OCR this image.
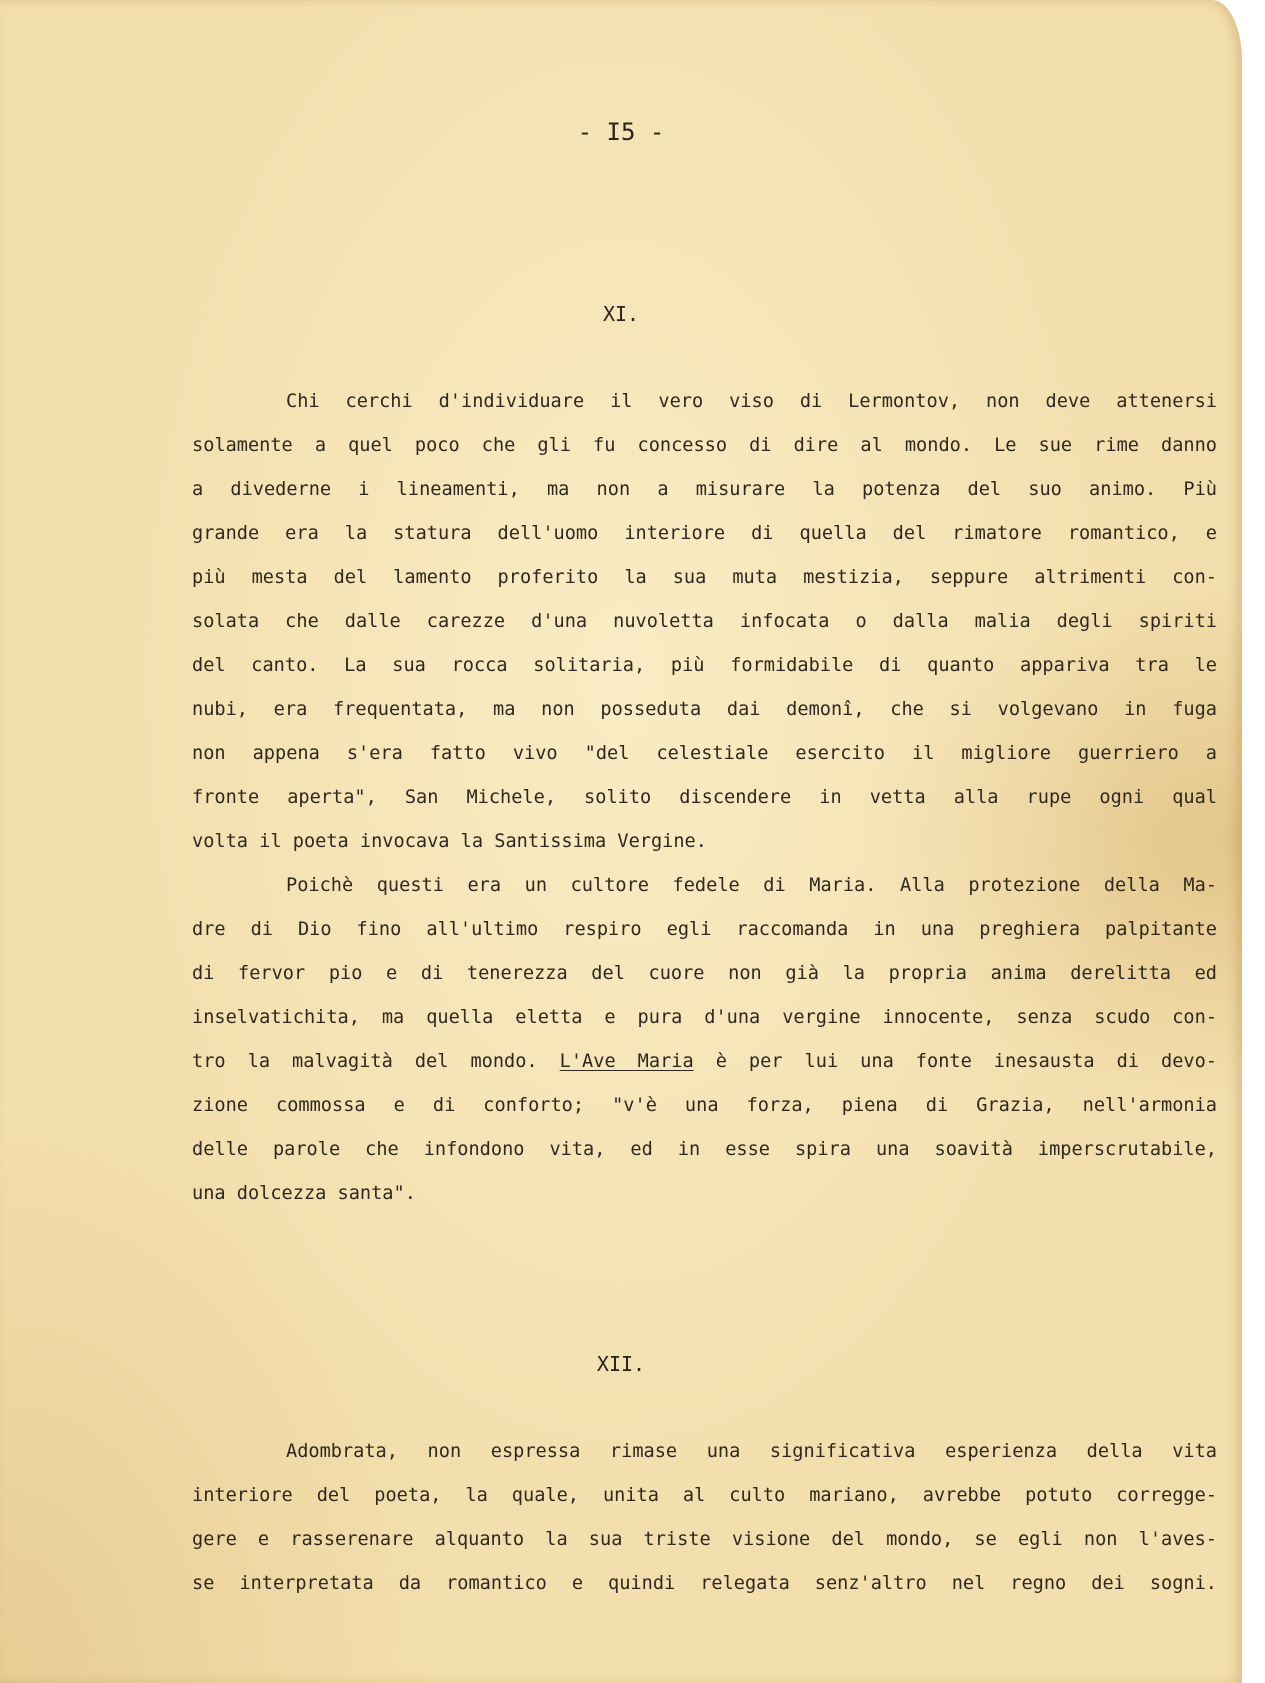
- I5 -
XI.
Chi cerchi d'individuare il vero viso di Lermontov, non deve attenersi
solamente a quel poco che gli fu concesso di dire al mondo. Le sue rime danno
a divederne i lineamenti, ma non a misurare la potenza del suo animo. Più
grande era la statura dell'uomo interiore di quella del rimatore romantico, e
più mesta del lamento proferito la sua muta mestizia, seppure altrimenti con-
solata che dalle carezze d'una nuvoletta infocata o dalla malia degli spiriti
del canto. La sua rocca solitaria, più formidabile di quanto appariva tra le
nubi, era frequentata, ma non posseduta dai demonî, che si volgevano in fuga
non appena s'era fatto vivo "del celestiale esercito il migliore guerriero a
fronte aperta", San Michele, solito discendere in vetta alla rupe ogni qual
volta il poeta invocava la Santissima Vergine.
Poichè questi era un cultore fedele di Maria. Alla protezione della Ma-
dre di Dio fino all'ultimo respiro egli raccomanda in una preghiera palpitante
di fervor pio e di tenerezza del cuore non già la propria anima derelitta ed
inselvatichita, ma quella eletta e pura d'una vergine innocente, senza scudo con-
tro la malvagità del mondo. L'Ave Maria è per lui una fonte inesausta di devo-
zione commossa e di conforto; "v'è una forza, piena di Grazia, nell'armonia
delle parole che infondono vita, ed in esse spira una soavità imperscrutabile,
una dolcezza santa".
XII.
Adombrata, non espressa rimase una significativa esperienza della vita
interiore del poeta, la quale, unita al culto mariano, avrebbe potuto corregge-
gere e rasserenare alquanto la sua triste visione del mondo, se egli non l'aves-
se interpretata da romantico e quindi relegata senz'altro nel regno dei sogni.
